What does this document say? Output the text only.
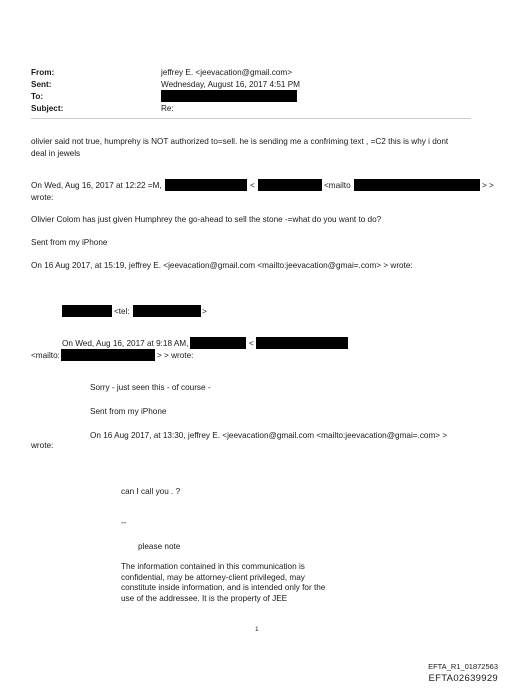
From:	jeffrey E. <jeevacation@gmail.com>
Sent:	Wednesday, August 16, 2017 4:51 PM
To:
Subject:	Re:
olivier said not true, humprehy is NOT authorized to=sell. he is sending me a confriming text , =C2 this is why i dont
deal in jewels
On Wed, Aug 16, 2017 at 12:22 =M,	<	<mailto	> >
wrote:
Olivier Colom has just given Humphrey the go-ahead to sell the stone -=what do you want to do?
Sent from my iPhone
On 16 Aug 2017, at 15:19, jeffrey E. <jeevacation@gmail.com <mailto:jeevacation@gmai=.com> > wrote:
<tel:	>
On Wed, Aug 16, 2017 at 9:18 AM,	<
<mailto:	> > wrote:
Sorry - just seen this - of course -
Sent from my iPhone
On 16 Aug 2017, at 13:30, jeffrey E. <jeevacation@gmail.com <mailto:jeevacation@gmai=.com> >
wrote:
can I call you . ?
--
please note
The information contained in this communication is confidential, may be attorney-client privileged, may constitute inside information, and is intended only for the use of the addressee. It is the property of JEE
1
EFTA_R1_01872563
EFTA02639929
